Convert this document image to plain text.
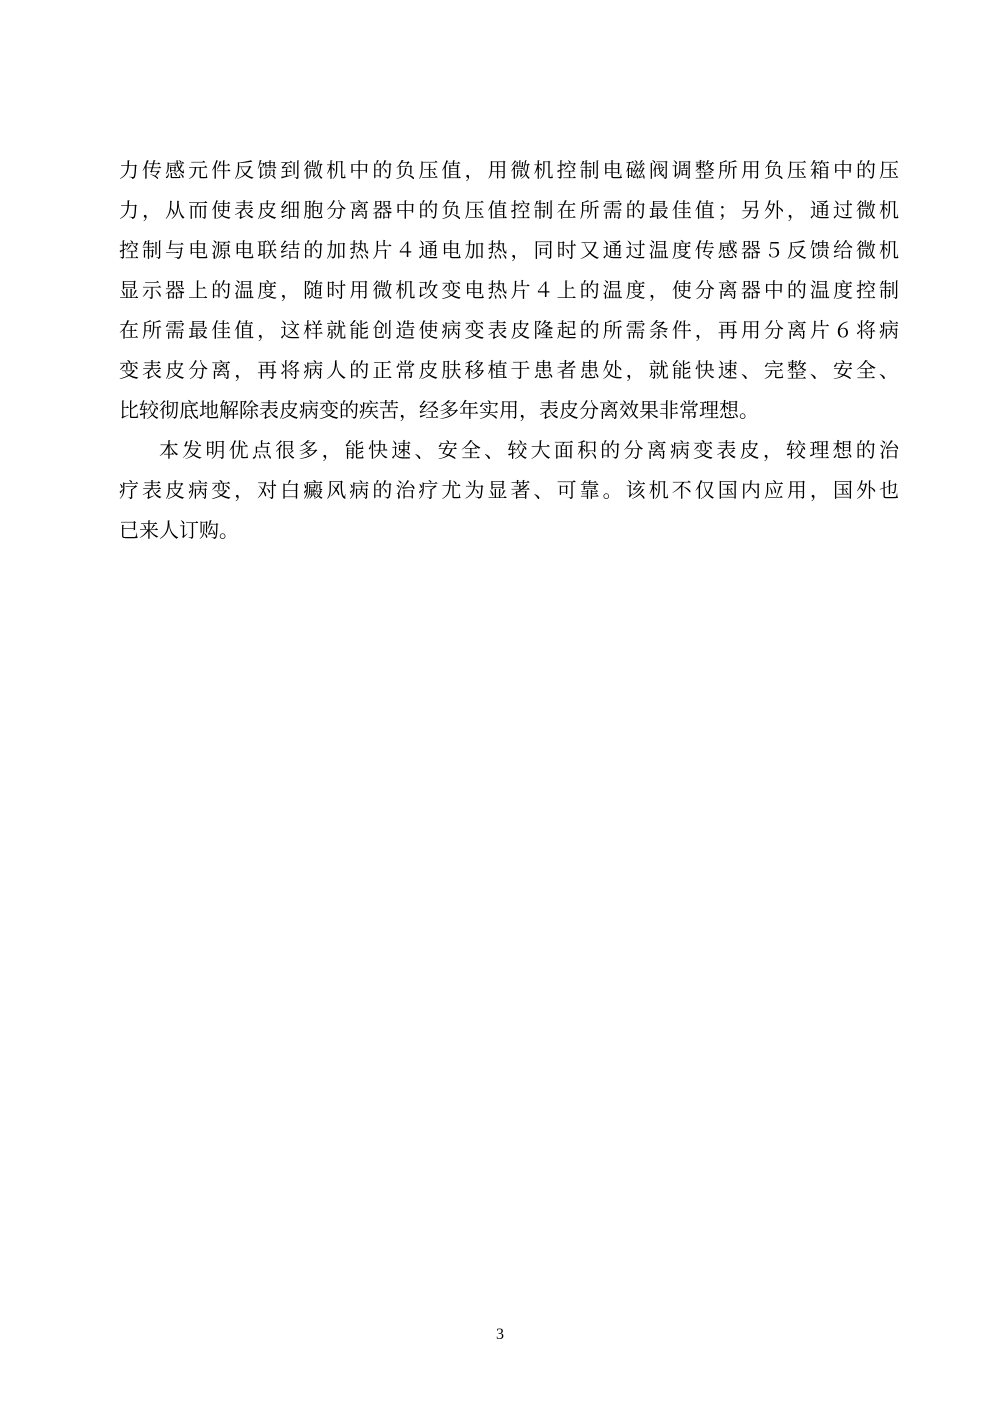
力传感元件反馈到微机中的负压值，用微机控制电磁阀调整所用负压箱中的压
力，从而使表皮细胞分离器中的负压值控制在所需的最佳值；另外，通过微机
控制与电源电联结的加热片４通电加热，同时又通过温度传感器５反馈给微机
显示器上的温度，随时用微机改变电热片４上的温度，使分离器中的温度控制
在所需最佳值，这样就能创造使病变表皮隆起的所需条件，再用分离片６将病
变表皮分离，再将病人的正常皮肤移植于患者患处，就能快速、完整、安全、
比较彻底地解除表皮病变的疾苦，经多年实用，表皮分离效果非常理想。
本发明优点很多，能快速、安全、较大面积的分离病变表皮，较理想的治
疗表皮病变，对白癜风病的治疗尤为显著、可靠。该机不仅国内应用，国外也
已来人订购。
3
